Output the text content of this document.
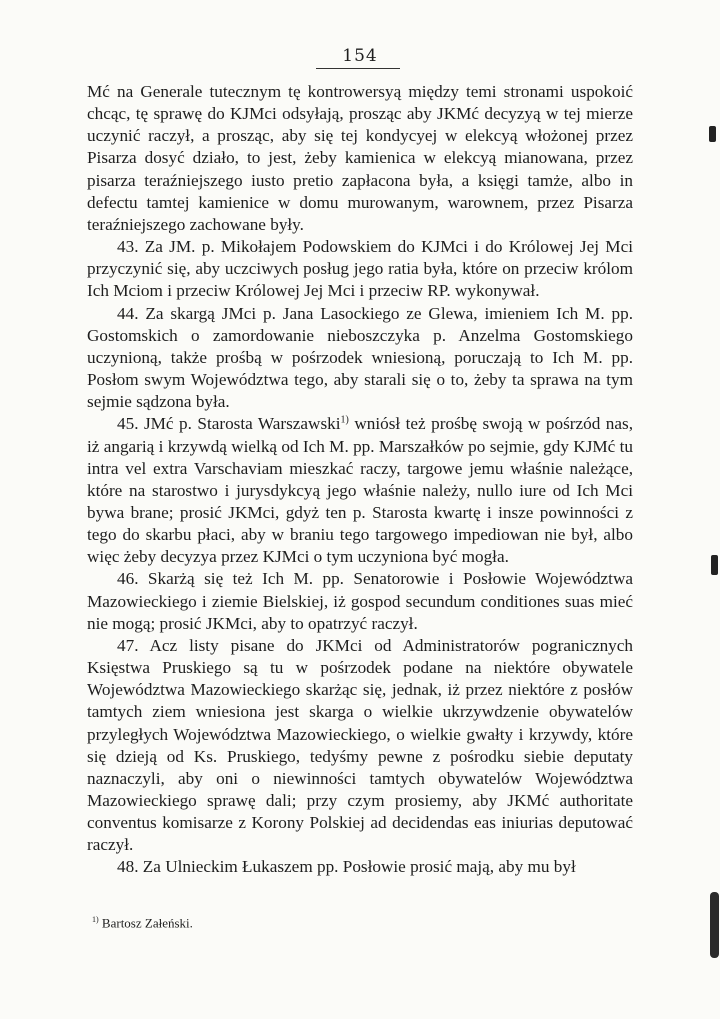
154

Mć na Generale tutecznym tę kontrowersyą między temi stronami uspokoić chcąc, tę sprawę do KJMci odsyłają, prosząc aby JKMć decyzyą w tej mierze uczynić raczył, a prosząc, aby się tej kondycyej w elekcyą włożonej przez Pisarza dosyć działo, to jest, żeby kamienica w elekcyą mianowana, przez pisarza teraźniejszego iusto pretio zapłacona była, a księgi tamże, albo in defectu tamtej kamienice w domu murowanym, warownem, przez Pisarza teraźniejszego zachowane były.

43. Za JM. p. Mikołajem Podowskiem do KJMci i do Królowej Jej Mci przyczynić się, aby uczciwych posług jego ratia była, które on przeciw królom Ich Mciom i przeciw Królowej Jej Mci i przeciw RP. wykonywał.

44. Za skargą JMci p. Jana Lasockiego ze Glewa, imieniem Ich M. pp. Gostomskich o zamordowanie nieboszczyka p. Anzelma Gostomskiego uczynioną, także prośbą w pośrzodek wniesioną, poruczają to Ich M. pp. Posłom swym Województwa tego, aby starali się o to, żeby ta sprawa na tym sejmie sądzona była.

45. JMć p. Starosta Warszawski$^{1)}$ wniósł też prośbę swoją w pośrzód nas, iż angarią i krzywdą wielką od Ich M. pp. Marszałków po sejmie, gdy KJMć tu intra vel extra Varschaviam mieszkać raczy, targowe jemu właśnie należące, które na starostwo i jurysdykcyą jego właśnie należy, nullo iure od Ich Mci bywa brane; prosić JKMci, gdyż ten p. Starosta kwartę i insze powinności z tego do skarbu płaci, aby w braniu tego targowego impediowan nie był, albo więc żeby decyzya przez KJMci o tym uczyniona być mogła.

46. Skarżą się też Ich M. pp. Senatorowie i Posłowie Województwa Mazowieckiego i ziemie Bielskiej, iż gospod secundum conditiones suas mieć nie mogą; prosić JKMci, aby to opatrzyć raczył.

47. Acz listy pisane do JKMci od Administratorów pogranicznych Księstwa Pruskiego są tu w pośrzodek podane na niektóre obywatele Województwa Mazowieckiego skarżąc się, jednak, iż przez niektóre z posłów tamtych ziem wniesiona jest skarga o wielkie ukrzywdzenie obywatelów przyległych Województwa Mazowieckiego, o wielkie gwałty i krzywdy, które się dzieją od Ks. Pruskiego, tedyśmy pewne z pośrodku siebie deputaty naznaczyli, aby oni o niewinności tamtych obywatelów Województwa Mazowieckiego sprawę dali; przy czym prosiemy, aby JKMć authoritate conventus komisarze z Korony Polskiej ad decidendas eas iniurias deputować raczył.

48. Za Ulnieckim Łukaszem pp. Posłowie prosić mają, aby mu był

$^{1)}$ Bartosz Załeński.
